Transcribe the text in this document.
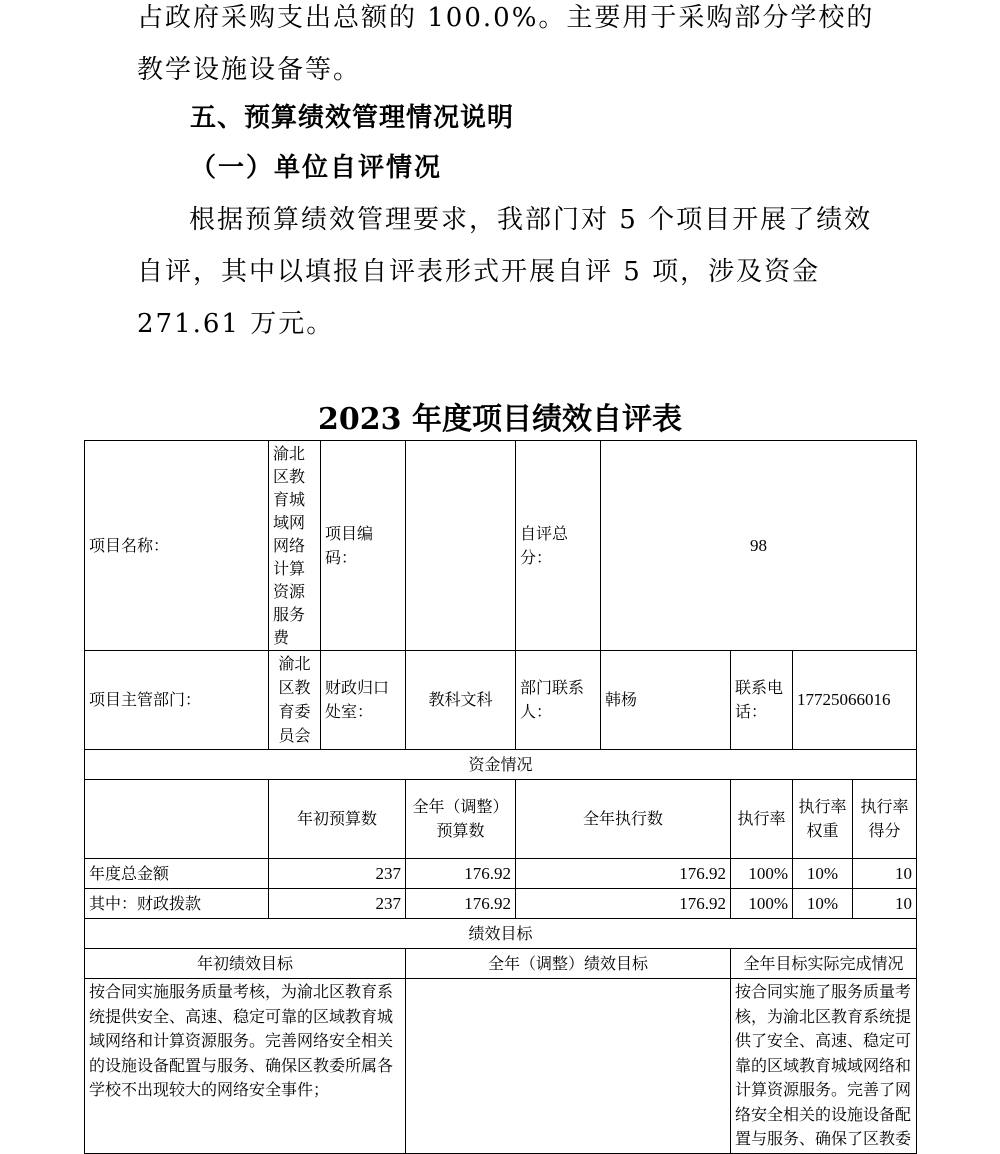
占政府采购支出总额的 100.0%。主要用于采购部分学校的教学设施设备等。

五、预算绩效管理情况说明
（一）单位自评情况

根据预算绩效管理要求，我部门对 5 个项目开展了绩效自评，其中以填报自评表形式开展自评 5 项，涉及资金 271.61 万元。

2023 年度项目绩效自评表
项目名称：	渝北区教育城域网网络计算资源服务费	项目编码：		自评总分：	98			
项目主管部门：	渝北区教育委员会	财政归口处室：	教科文科	部门联系人：	韩杨	联系电话：	17725066016	
资金情况								
	年初预算数		全年（调整）预算数	全年执行数		执行率	执行率权重	执行率得分
年度总金额	237		176.92	176.92		100%	10%	10
其中：财政拨款	237		176.92	176.92		100%	10%	10
绩效目标								
年初绩效目标			全年（调整）绩效目标			全年目标实际完成情况		
按合同实施服务质量考核，为渝北区教育系统提供安全、高速、稳定可靠的区域教育城域网络和计算资源服务。完善网络安全相关的设施设备配置与服务、确保区教委所属各学校不出现较大的网络安全事件；						按合同实施了服务质量考核，为渝北区教育系统提供了安全、高速、稳定可靠的区域教育城域网络和计算资源服务。完善了网络安全相关的设施设备配置与服务、确保了区教委		
